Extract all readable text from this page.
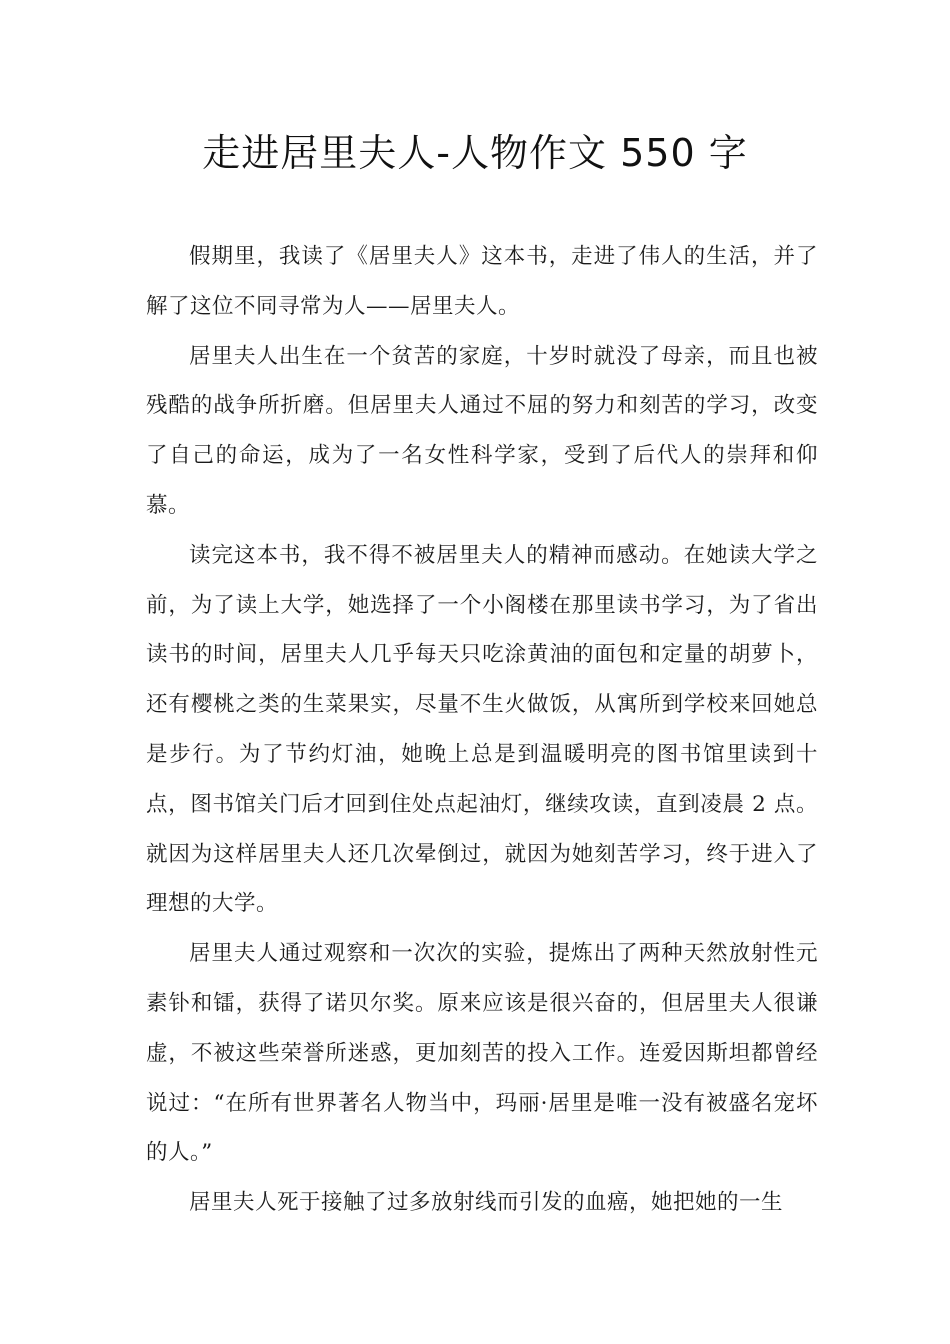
走进居里夫人-人物作文 550 字

假期里，我读了《居里夫人》这本书，走进了伟人的生活，并了解了这位不同寻常为人——居里夫人。

居里夫人出生在一个贫苦的家庭，十岁时就没了母亲，而且也被残酷的战争所折磨。但居里夫人通过不屈的努力和刻苦的学习，改变了自己的命运，成为了一名女性科学家，受到了后代人的崇拜和仰慕。

读完这本书，我不得不被居里夫人的精神而感动。在她读大学之前，为了读上大学，她选择了一个小阁楼在那里读书学习，为了省出读书的时间，居里夫人几乎每天只吃涂黄油的面包和定量的胡萝卜，还有樱桃之类的生菜果实，尽量不生火做饭，从寓所到学校来回她总是步行。为了节约灯油，她晚上总是到温暖明亮的图书馆里读到十点，图书馆关门后才回到住处点起油灯，继续攻读，直到凌晨 2 点。就因为这样居里夫人还几次晕倒过，就因为她刻苦学习，终于进入了理想的大学。

居里夫人通过观察和一次次的实验，提炼出了两种天然放射性元素钋和镭，获得了诺贝尔奖。原来应该是很兴奋的，但居里夫人很谦虚，不被这些荣誉所迷惑，更加刻苦的投入工作。连爱因斯坦都曾经说过：“在所有世界著名人物当中，玛丽·居里是唯一没有被盛名宠坏的人。”

居里夫人死于接触了过多放射线而引发的血癌，她把她的一生
